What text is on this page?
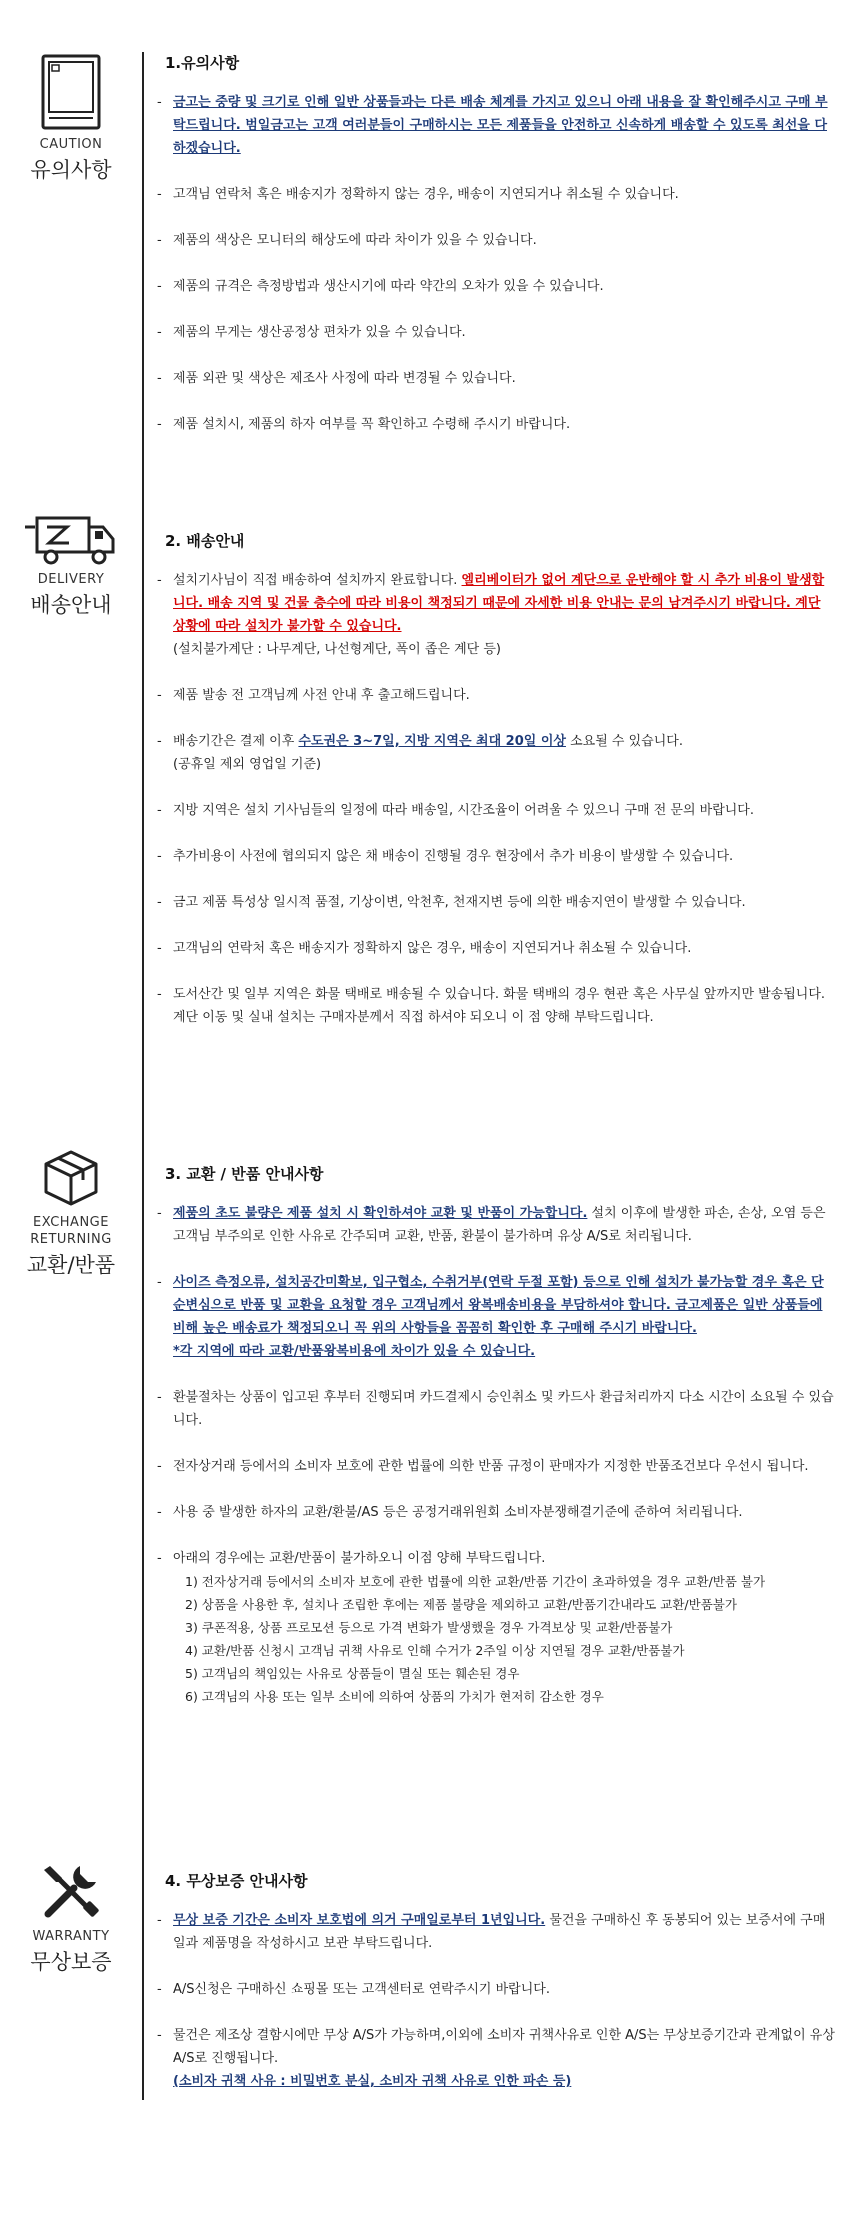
CAUTION
유의사항
1.유의사항
- 금고는 중량 및 크기로 인해 일반 상품들과는 다른 배송 체계를 가지고 있으니 아래 내용을 잘 확인해주시고 구매 부탁드립니다. 범일금고는 고객 여러분들이 구매하시는 모든 제품들을 안전하고 신속하게 배송할 수 있도록 최선을 다하겠습니다.
- 고객님 연락처 혹은 배송지가 정확하지 않는 경우, 배송이 지연되거나 취소될 수 있습니다.
- 제품의 색상은 모니터의 해상도에 따라 차이가 있을 수 있습니다.
- 제품의 규격은 측정방법과 생산시기에 따라 약간의 오차가 있을 수 있습니다.
- 제품의 무게는 생산공정상 편차가 있을 수 있습니다.
- 제품 외관 및 색상은 제조사 사정에 따라 변경될 수 있습니다.
- 제품 설치시, 제품의 하자 여부를 꼭 확인하고 수령해 주시기 바랍니다.
DELIVERY
배송안내
2. 배송안내
- 설치기사님이 직접 배송하여 설치까지 완료합니다. 엘리베이터가 없어 계단으로 운반해야 할 시 추가 비용이 발생합니다. 배송 지역 및 건물 층수에 따라 비용이 책정되기 때문에 자세한 비용 안내는 문의 남겨주시기 바랍니다. 계단 상황에 따라 설치가 불가할 수 있습니다.
(설치불가계단 : 나무계단, 나선형계단, 폭이 좁은 계단 등)
- 제품 발송 전 고객님께 사전 안내 후 출고해드립니다.
- 배송기간은 결제 이후 수도권은 3~7일, 지방 지역은 최대 20일 이상 소요될 수 있습니다.
(공휴일 제외 영업일 기준)
- 지방 지역은 설치 기사님들의 일정에 따라 배송일, 시간조율이 어려울 수 있으니 구매 전 문의 바랍니다.
- 추가비용이 사전에 협의되지 않은 채 배송이 진행될 경우 현장에서 추가 비용이 발생할 수 있습니다.
- 금고 제품 특성상 일시적 품절, 기상이변, 악천후, 천재지변 등에 의한 배송지연이 발생할 수 있습니다.
- 고객님의 연락처 혹은 배송지가 정확하지 않은 경우, 배송이 지연되거나 취소될 수 있습니다.
- 도서산간 및 일부 지역은 화물 택배로 배송될 수 있습니다. 화물 택배의 경우 현관 혹은 사무실 앞까지만 발송됩니다. 계단 이동 및 실내 설치는 구매자분께서 직접 하셔야 되오니 이 점 양해 부탁드립니다.
EXCHANGE
RETURNING
교환/반품
3. 교환 / 반품 안내사항
- 제품의 초도 불량은 제품 설치 시 확인하셔야 교환 및 반품이 가능합니다. 설치 이후에 발생한 파손, 손상, 오염 등은 고객님 부주의로 인한 사유로 간주되며 교환, 반품, 환불이 불가하며 유상 A/S로 처리됩니다.
- 사이즈 측정오류, 설치공간미확보, 입구협소, 수취거부(연락 두절 포함) 등으로 인해 설치가 불가능할 경우 혹은 단순변심으로 반품 및 교환을 요청할 경우 고객님께서 왕복배송비용을 부담하셔야 합니다. 금고제품은 일반 상품들에 비해 높은 배송료가 책정되오니 꼭 위의 사항들을 꼼꼼히 확인한 후 구매해 주시기 바랍니다.
*각 지역에 따라 교환/반품왕복비용에 차이가 있을 수 있습니다.
- 환불절차는 상품이 입고된 후부터 진행되며 카드결제시 승인취소 및 카드사 환급처리까지 다소 시간이 소요될 수 있습니다.
- 전자상거래 등에서의 소비자 보호에 관한 법률에 의한 반품 규정이 판매자가 지정한 반품조건보다 우선시 됩니다.
- 사용 중 발생한 하자의 교환/환불/AS 등은 공정거래위원회 소비자분쟁해결기준에 준하여 처리됩니다.
- 아래의 경우에는 교환/반품이 불가하오니 이점 양해 부탁드립니다.
1) 전자상거래 등에서의 소비자 보호에 관한 법률에 의한 교환/반품 기간이 초과하였을 경우 교환/반품 불가
2) 상품을 사용한 후, 설치나 조립한 후에는 제품 불량을 제외하고 교환/반품기간내라도 교환/반품불가
3) 쿠폰적용, 상품 프로모션 등으로 가격 변화가 발생했을 경우 가격보상 및 교환/반품불가
4) 교환/반품 신청시 고객님 귀책 사유로 인해 수거가 2주일 이상 지연될 경우 교환/반품불가
5) 고객님의 책임있는 사유로 상품들이 멸실 또는 훼손된 경우
6) 고객님의 사용 또는 일부 소비에 의하여 상품의 가치가 현저히 감소한 경우
WARRANTY
무상보증
4. 무상보증 안내사항
- 무상 보증 기간은 소비자 보호법에 의거 구매일로부터 1년입니다. 물건을 구매하신 후 동봉되어 있는 보증서에 구매일과 제품명을 작성하시고 보관 부탁드립니다.
- A/S신청은 구매하신 쇼핑몰 또는 고객센터로 연락주시기 바랍니다.
- 물건은 제조상 결함시에만 무상 A/S가 가능하며,이외에 소비자 귀책사유로 인한 A/S는 무상보증기간과 관계없이 유상 A/S로 진행됩니다.
(소비자 귀책 사유 : 비밀번호 분실, 소비자 귀책 사유로 인한 파손 등)
